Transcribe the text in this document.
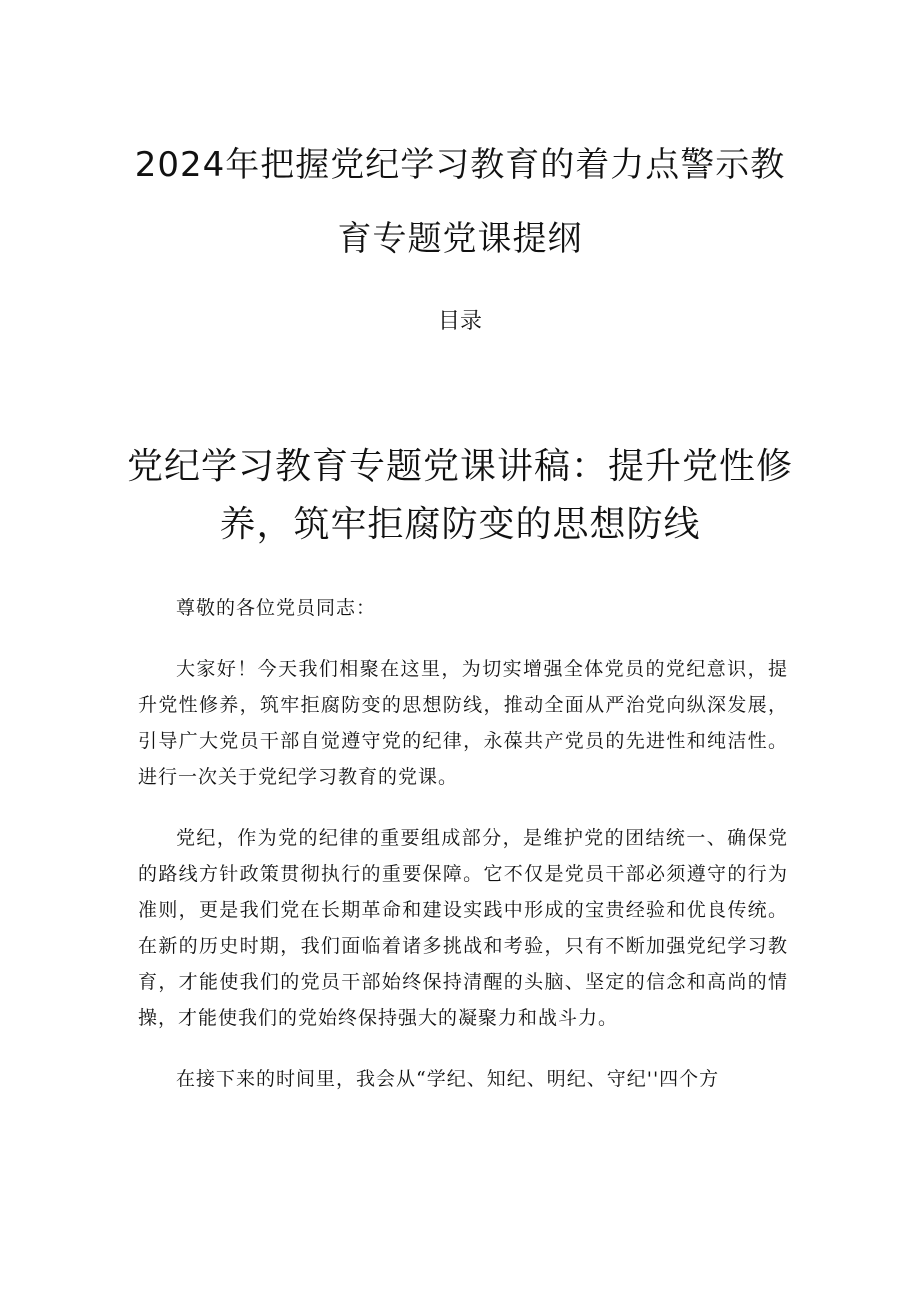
2024年把握党纪学习教育的着力点警示教育专题党课提纲
目录
党纪学习教育专题党课讲稿：提升党性修养，筑牢拒腐防变的思想防线

尊敬的各位党员同志：

大家好！今天我们相聚在这里，为切实增强全体党员的党纪意识，提升党性修养，筑牢拒腐防变的思想防线，推动全面从严治党向纵深发展，引导广大党员干部自觉遵守党的纪律，永葆共产党员的先进性和纯洁性。进行一次关于党纪学习教育的党课。

党纪，作为党的纪律的重要组成部分，是维护党的团结统一、确保党的路线方针政策贯彻执行的重要保障。它不仅是党员干部必须遵守的行为准则，更是我们党在长期革命和建设实践中形成的宝贵经验和优良传统。在新的历史时期，我们面临着诸多挑战和考验，只有不断加强党纪学习教育，才能使我们的党员干部始终保持清醒的头脑、坚定的信念和高尚的情操，才能使我们的党始终保持强大的凝聚力和战斗力。

在接下来的时间里，我会从“学纪、知纪、明纪、守纪''四个方
